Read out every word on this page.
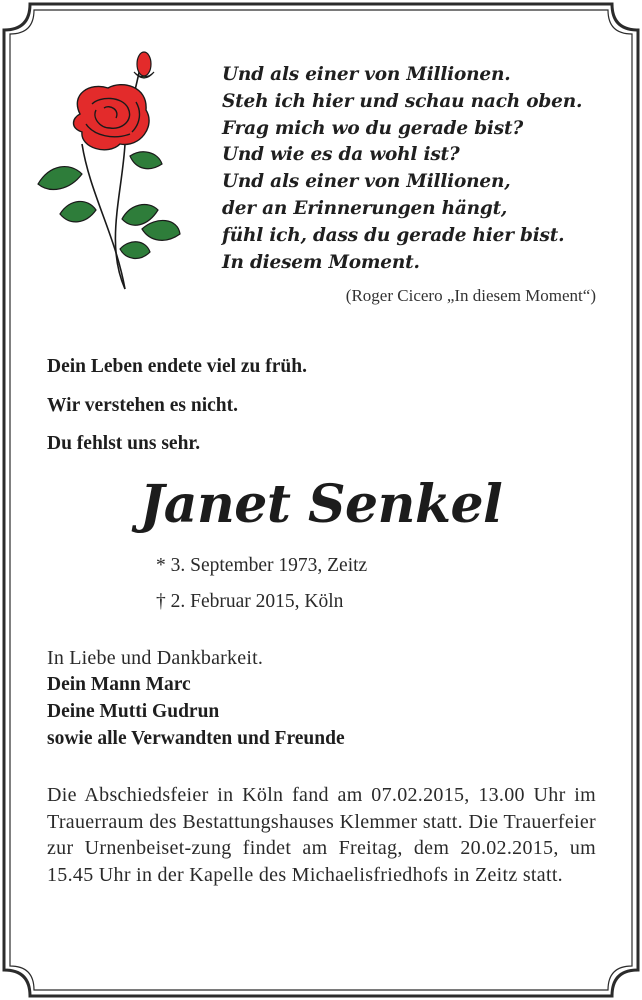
Und als einer von Millionen.
Steh ich hier und schau nach oben.
Frag mich wo du gerade bist?
Und wie es da wohl ist?
Und als einer von Millionen,
der an Erinnerungen hängt,
fühl ich, dass du gerade hier bist.
In diesem Moment.
(Roger Cicero „In diesem Moment“)
Dein Leben endete viel zu früh.
Wir verstehen es nicht.
Du fehlst uns sehr.
Janet Senkel
* 3. September 1973, Zeitz
† 2. Februar 2015, Köln
In Liebe und Dankbarkeit.
Dein Mann Marc
Deine Mutti Gudrun
sowie alle Verwandten und Freunde
Die Abschiedsfeier in Köln fand am 07.02.2015, 13.00 Uhr im Trauerraum des Bestattungshauses Klemmer statt. Die Trauerfeier zur Urnenbeiset-zung findet am Freitag, dem 20.02.2015, um 15.45 Uhr in der Kapelle des Michaelisfriedhofs in Zeitz statt.
